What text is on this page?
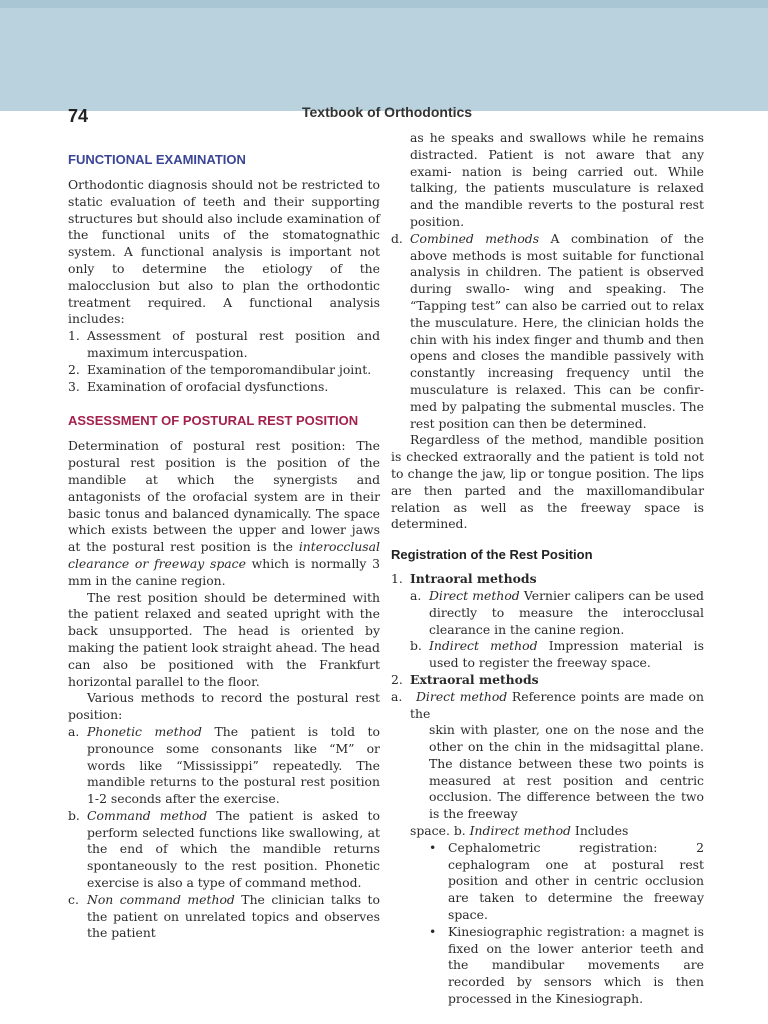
74	Textbook of Orthodontics

FUNCTIONAL EXAMINATION

Orthodontic diagnosis should not be restricted to static evaluation of teeth and their supporting structures but should also include examination of the functional units of the stomatognathic system. A functional analysis is important not only to determine the etiology of the malocclusion but also to plan the orthodontic treatment required. A functional analysis includes:

1. Assessment of postural rest position and maximum intercuspation.
2. Examination of the temporomandibular joint.
3. Examination of orofacial dysfunctions.

ASSESSMENT OF POSTURAL REST POSITION

Determination of postural rest position: The postural rest position is the position of the mandible at which the synergists and antagonists of the orofacial system are in their basic tonus and balanced dynamically. The space which exists between the upper and lower jaws at the postural rest position is the interocclusal clearance or freeway space which is normally 3 mm in the canine region.

The rest position should be determined with the patient relaxed and seated upright with the back unsupported. The head is oriented by making the patient look straight ahead. The head can also be positioned with the Frankfurt horizontal parallel to the floor.

Various methods to record the postural rest position:

a. Phonetic method The patient is told to pronounce some consonants like “M” or words like “Mississippi” repeatedly. The mandible returns to the postural rest position 1-2 seconds after the exercise.
b. Command method The patient is asked to perform selected functions like swallowing, at the end of which the mandible returns spontaneously to the rest position. Phonetic exercise is also a type of command method.
c. Non command method The clinician talks to the patient on unrelated topics and observes the patient

as he speaks and swallows while he remains distracted. Patient is not aware that any exami- nation is being carried out. While talking, the patients musculature is relaxed and the mandible reverts to the postural rest position.

d. Combined methods A combination of the above methods is most suitable for functional analysis in children. The patient is observed during swallo- wing and speaking. The “Tapping test” can also be carried out to relax the musculature. Here, the clinician holds the chin with his index finger and thumb and then opens and closes the mandible passively with constantly increasing frequency until the musculature is relaxed. This can be confir- med by palpating the submental muscles. The rest position can then be determined.

Regardless of the method, mandible position is checked extraorally and the patient is told not to change the jaw, lip or tongue position. The lips are then parted and the maxillomandibular relation as well as the freeway space is determined.

Registration of the Rest Position

1. Intraoral methods
a. Direct method Vernier calipers can be used directly to measure the interocclusal clearance in the canine region.
b. Indirect method Impression material is used to register the freeway space.
2. Extraoral methods
a. Direct method Reference points are made on the

skin with plaster, one on the nose and the other on the chin in the midsagittal plane. The distance between these two points is measured at rest position and centric occlusion. The difference between the two is the freeway

space. b. Indirect method Includes

• Cephalometric registration: 2 cephalogram one at postural rest position and other in centric occlusion are taken to determine the freeway space.
• Kinesiographic registration: a magnet is fixed on the lower anterior teeth and the mandibular movements are recorded by sensors which is then processed in the Kinesiograph.
